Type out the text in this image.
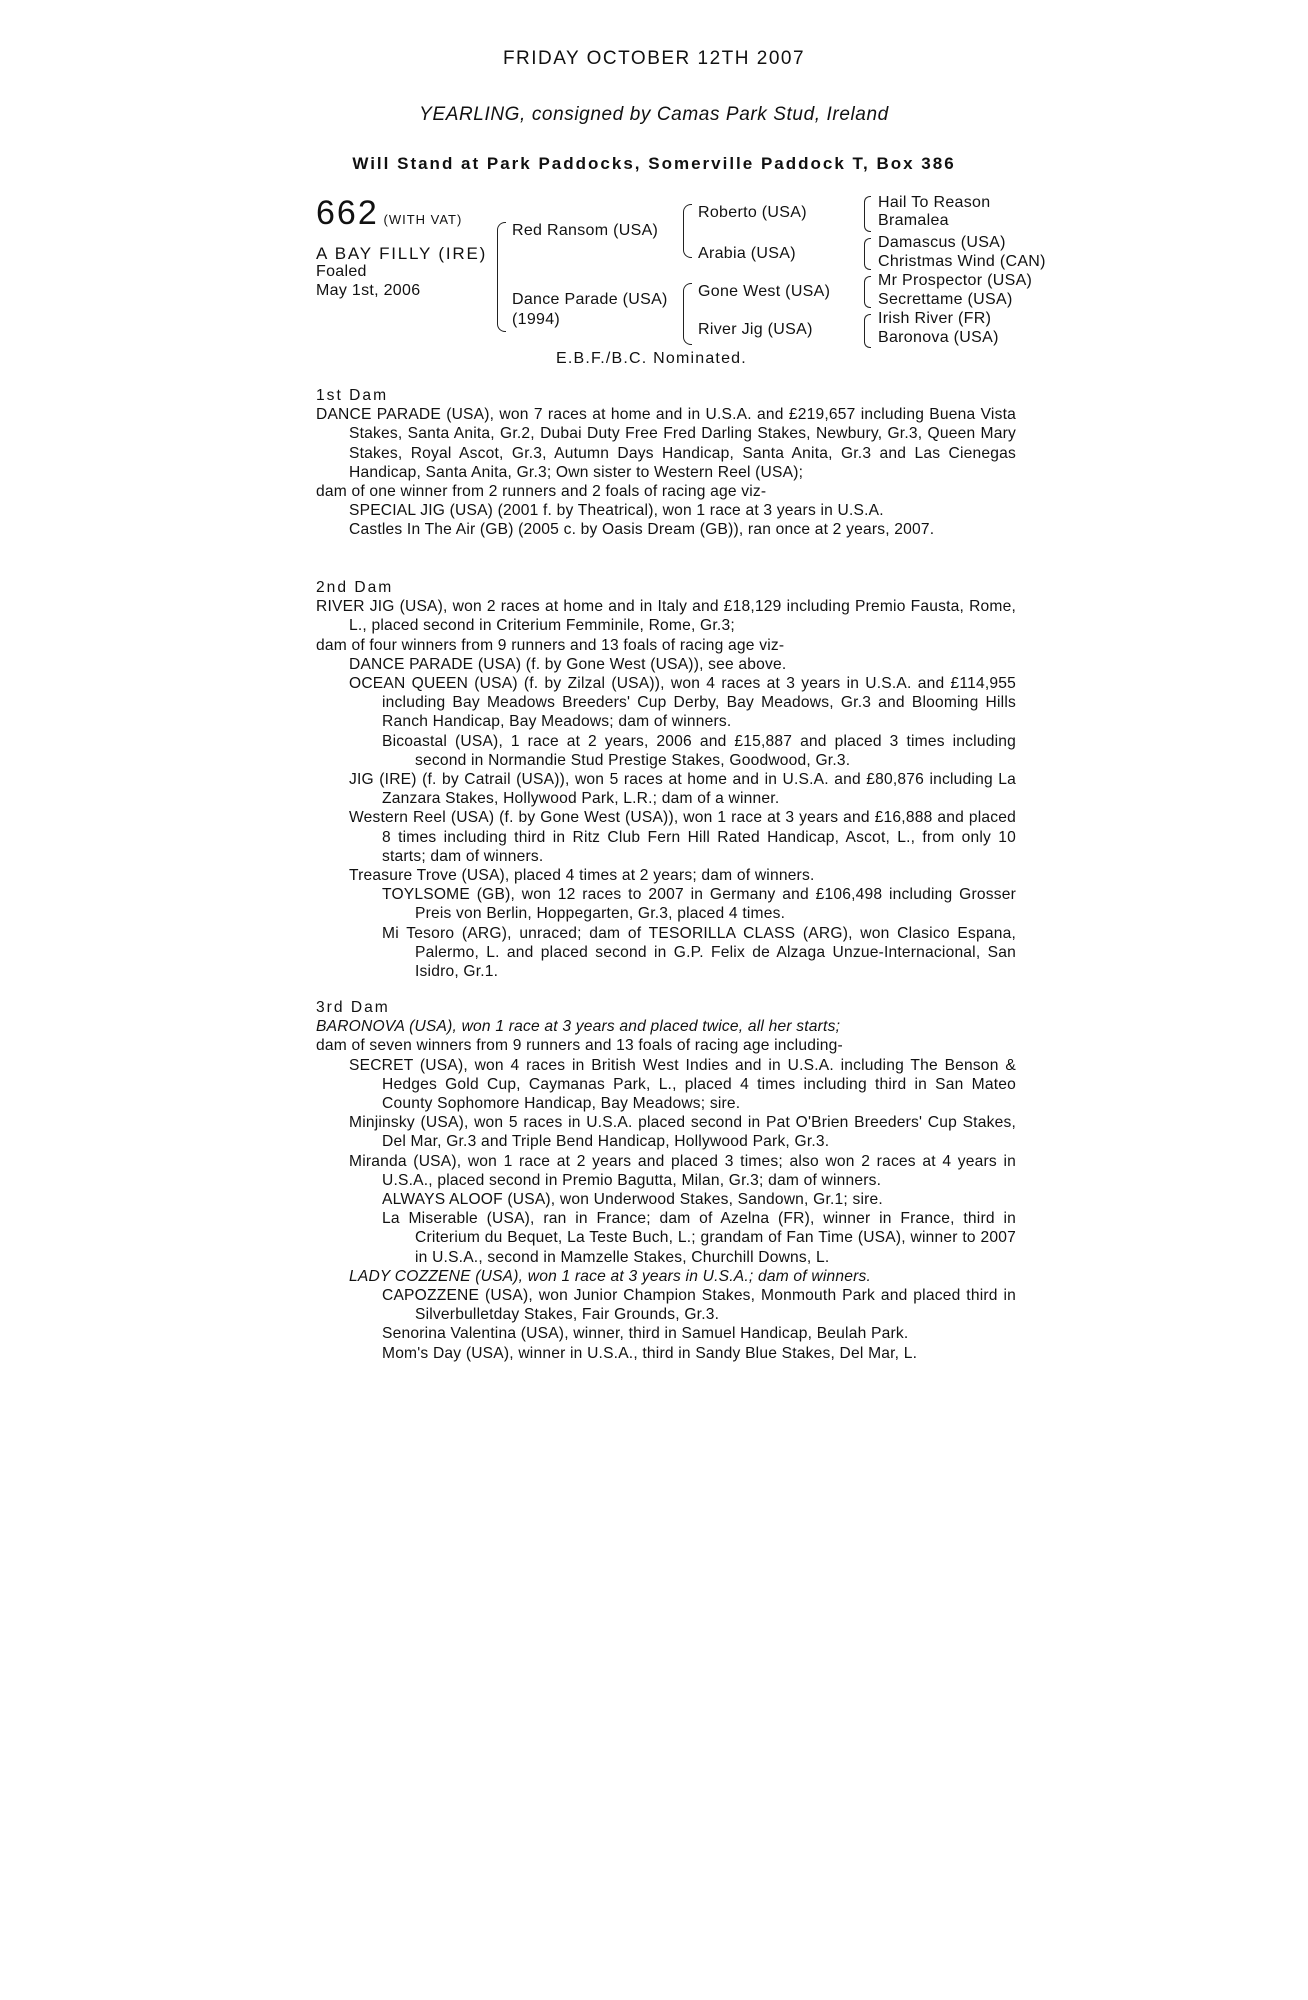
FRIDAY OCTOBER 12TH 2007
YEARLING, consigned by Camas Park Stud, Ireland
Will Stand at Park Paddocks, Somerville Paddock T, Box 386
662 (WITH VAT)
A BAY FILLY (IRE)
Foaled
May 1st, 2006
Red Ransom (USA)
Dance Parade (USA)
(1994)
Roberto (USA)
Arabia (USA)
Gone West (USA)
River Jig (USA)
Hail To Reason
Bramalea
Damascus (USA)
Christmas Wind (CAN)
Mr Prospector (USA)
Secrettame (USA)
Irish River (FR)
Baronova (USA)
E.B.F./B.C. Nominated.

1st Dam

DANCE PARADE (USA), won 7 races at home and in U.S.A. and £219,657 including Buena Vista Stakes, Santa Anita, Gr.2, Dubai Duty Free Fred Darling Stakes, Newbury, Gr.3, Queen Mary Stakes, Royal Ascot, Gr.3, Autumn Days Handicap, Santa Anita, Gr.3 and Las Cienegas Handicap, Santa Anita, Gr.3; Own sister to Western Reel (USA);

dam of one winner from 2 runners and 2 foals of racing age viz-

SPECIAL JIG (USA) (2001 f. by Theatrical), won 1 race at 3 years in U.S.A.

Castles In The Air (GB) (2005 c. by Oasis Dream (GB)), ran once at 2 years, 2007.

2nd Dam

RIVER JIG (USA), won 2 races at home and in Italy and £18,129 including Premio Fausta, Rome, L., placed second in Criterium Femminile, Rome, Gr.3;

dam of four winners from 9 runners and 13 foals of racing age viz-

DANCE PARADE (USA) (f. by Gone West (USA)), see above.

OCEAN QUEEN (USA) (f. by Zilzal (USA)), won 4 races at 3 years in U.S.A. and £114,955 including Bay Meadows Breeders' Cup Derby, Bay Meadows, Gr.3 and Blooming Hills Ranch Handicap, Bay Meadows; dam of winners.

Bicoastal (USA), 1 race at 2 years, 2006 and £15,887 and placed 3 times including second in Normandie Stud Prestige Stakes, Goodwood, Gr.3.

JIG (IRE) (f. by Catrail (USA)), won 5 races at home and in U.S.A. and £80,876 including La Zanzara Stakes, Hollywood Park, L.R.; dam of a winner.

Western Reel (USA) (f. by Gone West (USA)), won 1 race at 3 years and £16,888 and placed 8 times including third in Ritz Club Fern Hill Rated Handicap, Ascot, L., from only 10 starts; dam of winners.

Treasure Trove (USA), placed 4 times at 2 years; dam of winners.

TOYLSOME (GB), won 12 races to 2007 in Germany and £106,498 including Grosser Preis von Berlin, Hoppegarten, Gr.3, placed 4 times.

Mi Tesoro (ARG), unraced; dam of TESORILLA CLASS (ARG), won Clasico Espana, Palermo, L. and placed second in G.P. Felix de Alzaga Unzue-Internacional, San Isidro, Gr.1.

3rd Dam

BARONOVA (USA), won 1 race at 3 years and placed twice, all her starts;

dam of seven winners from 9 runners and 13 foals of racing age including-

SECRET (USA), won 4 races in British West Indies and in U.S.A. including The Benson & Hedges Gold Cup, Caymanas Park, L., placed 4 times including third in San Mateo County Sophomore Handicap, Bay Meadows; sire.

Minjinsky (USA), won 5 races in U.S.A. placed second in Pat O'Brien Breeders' Cup Stakes, Del Mar, Gr.3 and Triple Bend Handicap, Hollywood Park, Gr.3.

Miranda (USA), won 1 race at 2 years and placed 3 times; also won 2 races at 4 years in U.S.A., placed second in Premio Bagutta, Milan, Gr.3; dam of winners.

ALWAYS ALOOF (USA), won Underwood Stakes, Sandown, Gr.1; sire.

La Miserable (USA), ran in France; dam of Azelna (FR), winner in France, third in Criterium du Bequet, La Teste Buch, L.; grandam of Fan Time (USA), winner to 2007 in U.S.A., second in Mamzelle Stakes, Churchill Downs, L.

LADY COZZENE (USA), won 1 race at 3 years in U.S.A.; dam of winners.

CAPOZZENE (USA), won Junior Champion Stakes, Monmouth Park and placed third in Silverbulletday Stakes, Fair Grounds, Gr.3.

Senorina Valentina (USA), winner, third in Samuel Handicap, Beulah Park.

Mom's Day (USA), winner in U.S.A., third in Sandy Blue Stakes, Del Mar, L.
